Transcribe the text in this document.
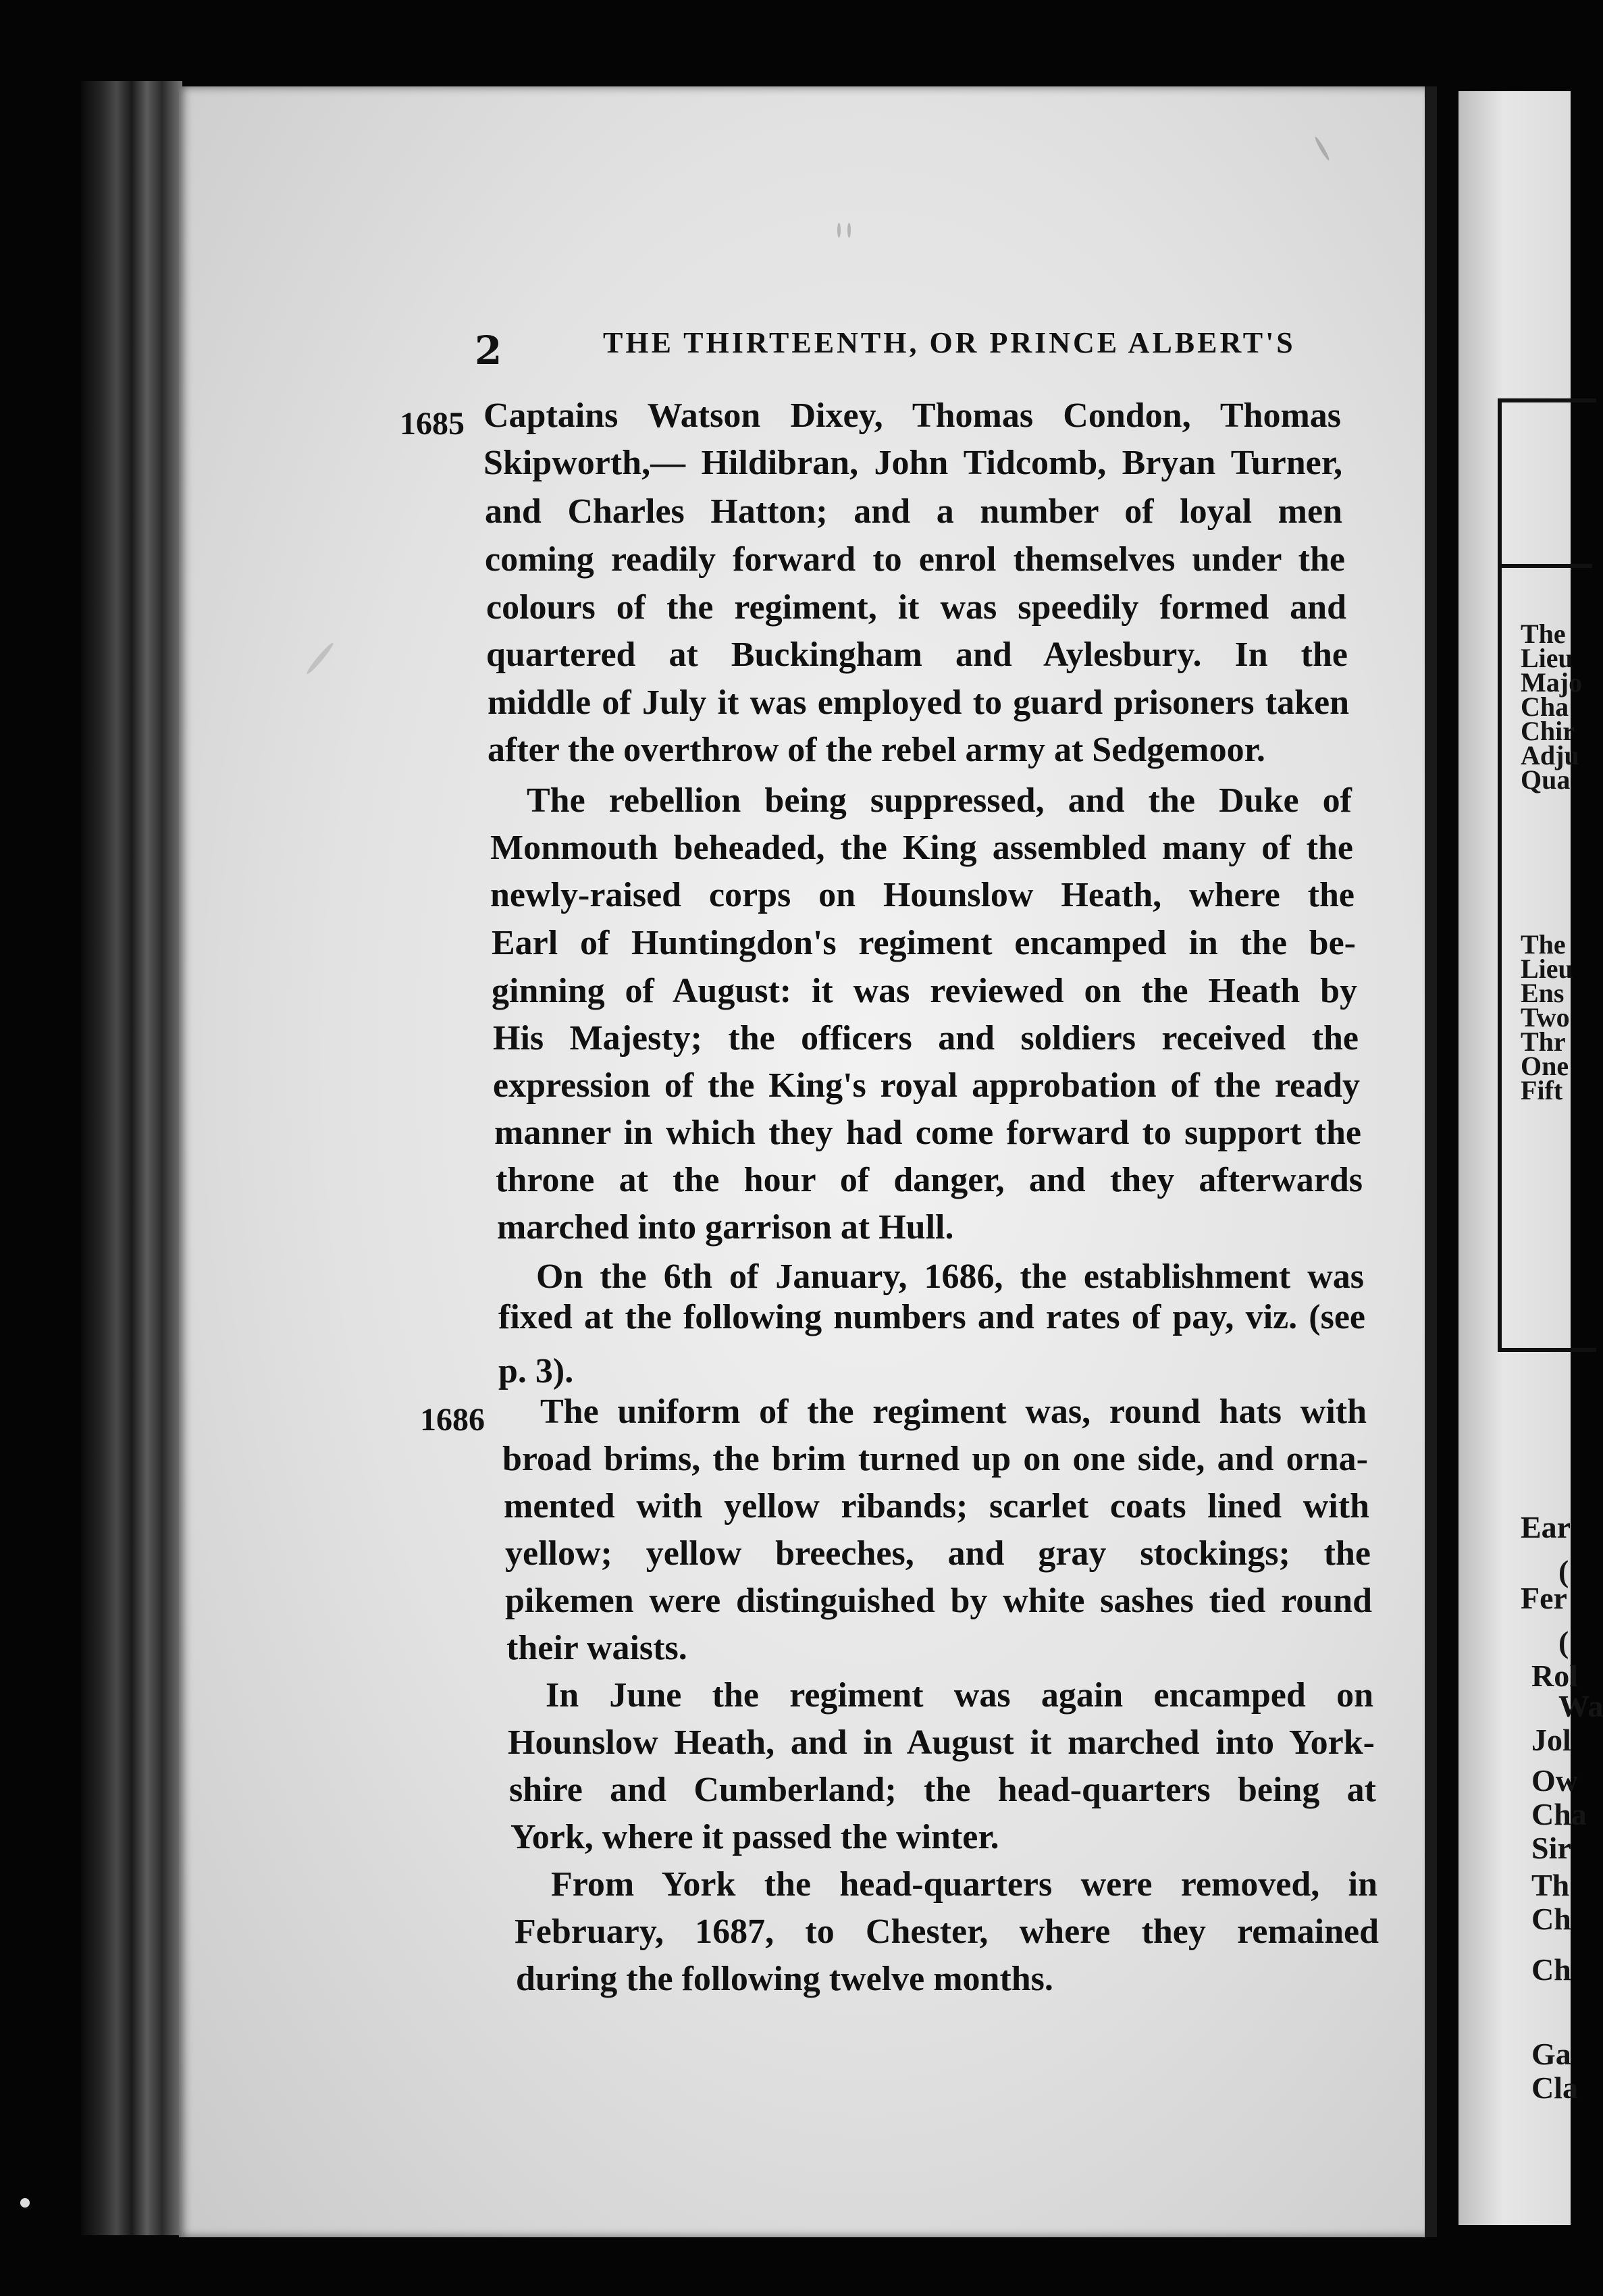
The
Lieu
Majo
Cha
Chir
Adju
Qua
The
Lieu
Ens
Two
Thr
One
Fift
Ear
(
Fer
(
Rol
Wa
Jol
Ow
Cha
Sir
Th
Ch
Ch
Ga
Cla
2	THE THIRTEENTH, OR PRINCE ALBERT'S
1685
1686
Captains Watson Dixey, Thomas Condon, Thomas
Skipworth,— Hildibran, John Tidcomb, Bryan Turner,
and Charles Hatton; and a number of loyal men
coming readily forward to enrol themselves under the
colours of the regiment, it was speedily formed and
quartered at Buckingham and Aylesbury. In the
middle of July it was employed to guard prisoners taken
after the overthrow of the rebel army at Sedgemoor.
The rebellion being suppressed, and the Duke of
Monmouth beheaded, the King assembled many of the
newly-raised corps on Hounslow Heath, where the
Earl of Huntingdon's regiment encamped in the be-
ginning of August: it was reviewed on the Heath by
His Majesty; the officers and soldiers received the
expression of the King's royal approbation of the ready
manner in which they had come forward to support the
throne at the hour of danger, and they afterwards
marched into garrison at Hull.
On the 6th of January, 1686, the establishment was
fixed at the following numbers and rates of pay, viz. (see
p. 3).
The uniform of the regiment was, round hats with
broad brims, the brim turned up on one side, and orna-
mented with yellow ribands; scarlet coats lined with
yellow; yellow breeches, and gray stockings; the
pikemen were distinguished by white sashes tied round
their waists.
In June the regiment was again encamped on
Hounslow Heath, and in August it marched into York-
shire and Cumberland; the head-quarters being at
York, where it passed the winter.
From York the head-quarters were removed, in
February, 1687, to Chester, where they remained
during the following twelve months.
